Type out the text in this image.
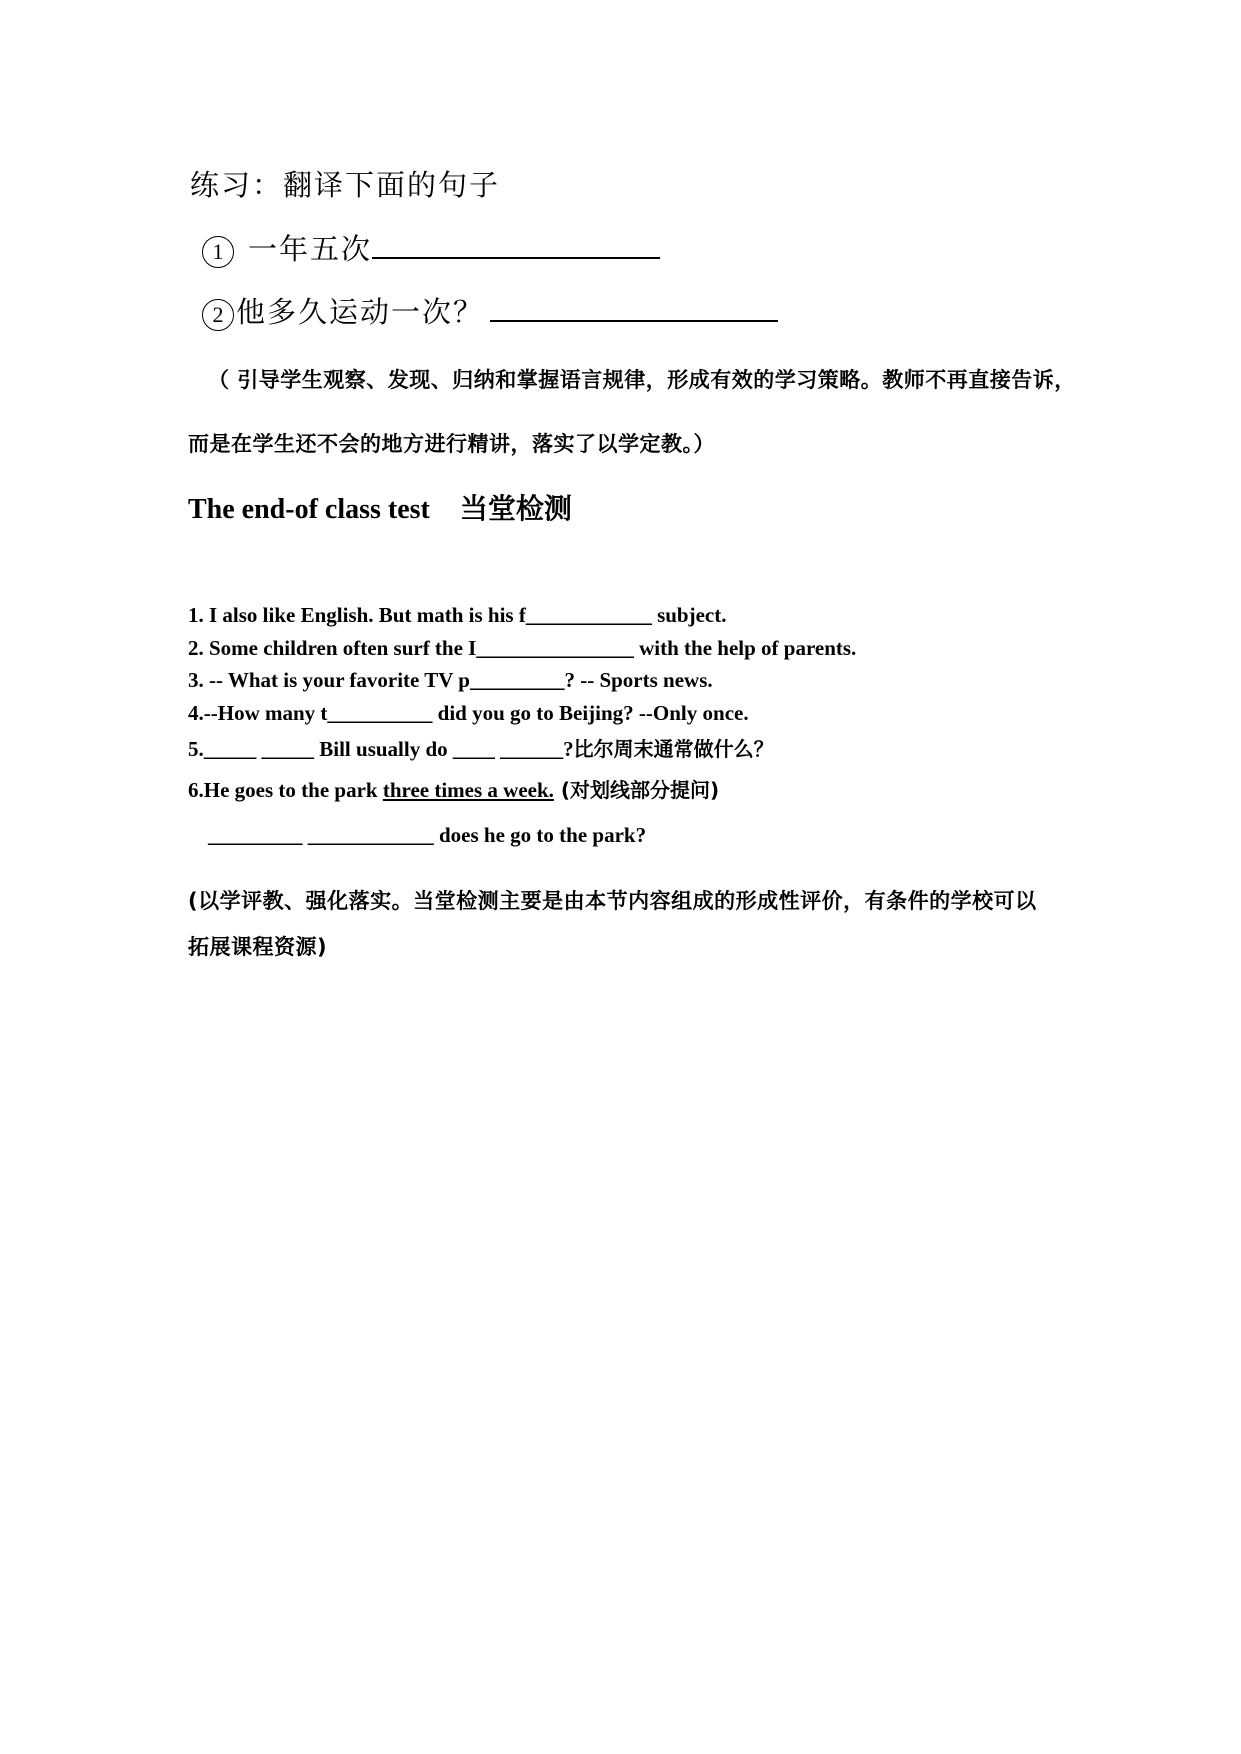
练习：翻译下面的句子
1 一年五次
2 他多久运动一次？
（ 引导学生观察、发现、归纳和掌握语言规律，形成有效的学习策略。教师不再直接告诉，
而是在学生还不会的地方进行精讲，落实了以学定教。）
The end-of class test 当堂检测
1. I also like English. But math is his f____________ subject.
2. Some children often surf the I_______________ with the help of parents.
3. -- What is your favorite TV p_________? -- Sports news.
4.--How many t__________ did you go to Beijing? --Only once.
5._____ _____ Bill usually do ____ ______?比尔周末通常做什么？
6.He goes to the park three times a week. (对划线部分提问)
_________ ____________ does he go to the park?
(以学评教、强化落实。当堂检测主要是由本节内容组成的形成性评价，有条件的学校可以
拓展课程资源)
